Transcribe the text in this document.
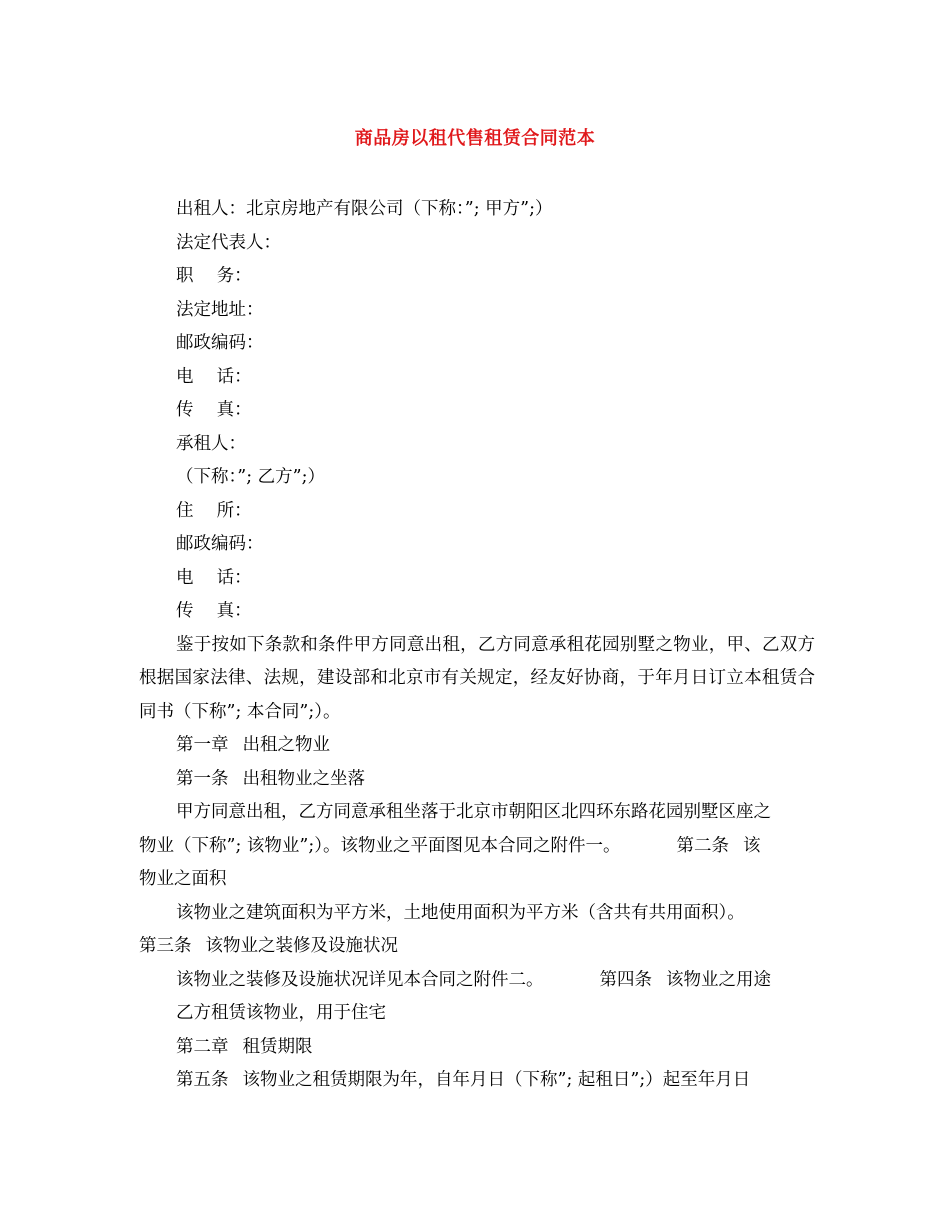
商品房以租代售租赁合同范本
出租人：北京房地产有限公司（下称：”; 甲方”;）
法定代表人：
职　 务：
法定地址：
邮政编码：
电　 话：
传　 真：
承租人：
（下称：”; 乙方”;）
住　 所：
邮政编码：
电　 话：
传　 真：
鉴于按如下条款和条件甲方同意出租，乙方同意承租花园别墅之物业，甲、乙双方根据国家法律、法规，建设部和北京市有关规定，经友好协商，于年月日订立本租赁合同书（下称”; 本合同”;）。
第一章 出租之物业
第一条 出租物业之坐落
甲方同意出租，乙方同意承租坐落于北京市朝阳区北四环东路花园别墅区座之
物业（下称”; 该物业”;）。该物业之平面图见本合同之附件一。	第二条 该
物业之面积
该物业之建筑面积为平方米，土地使用面积为平方米（含共有共用面积）。
第三条 该物业之装修及设施状况
该物业之装修及设施状况详见本合同之附件二。	第四条 该物业之用途
乙方租赁该物业，用于住宅
第二章 租赁期限
第五条 该物业之租赁期限为年，自年月日（下称”; 起租日”;）起至年月日
